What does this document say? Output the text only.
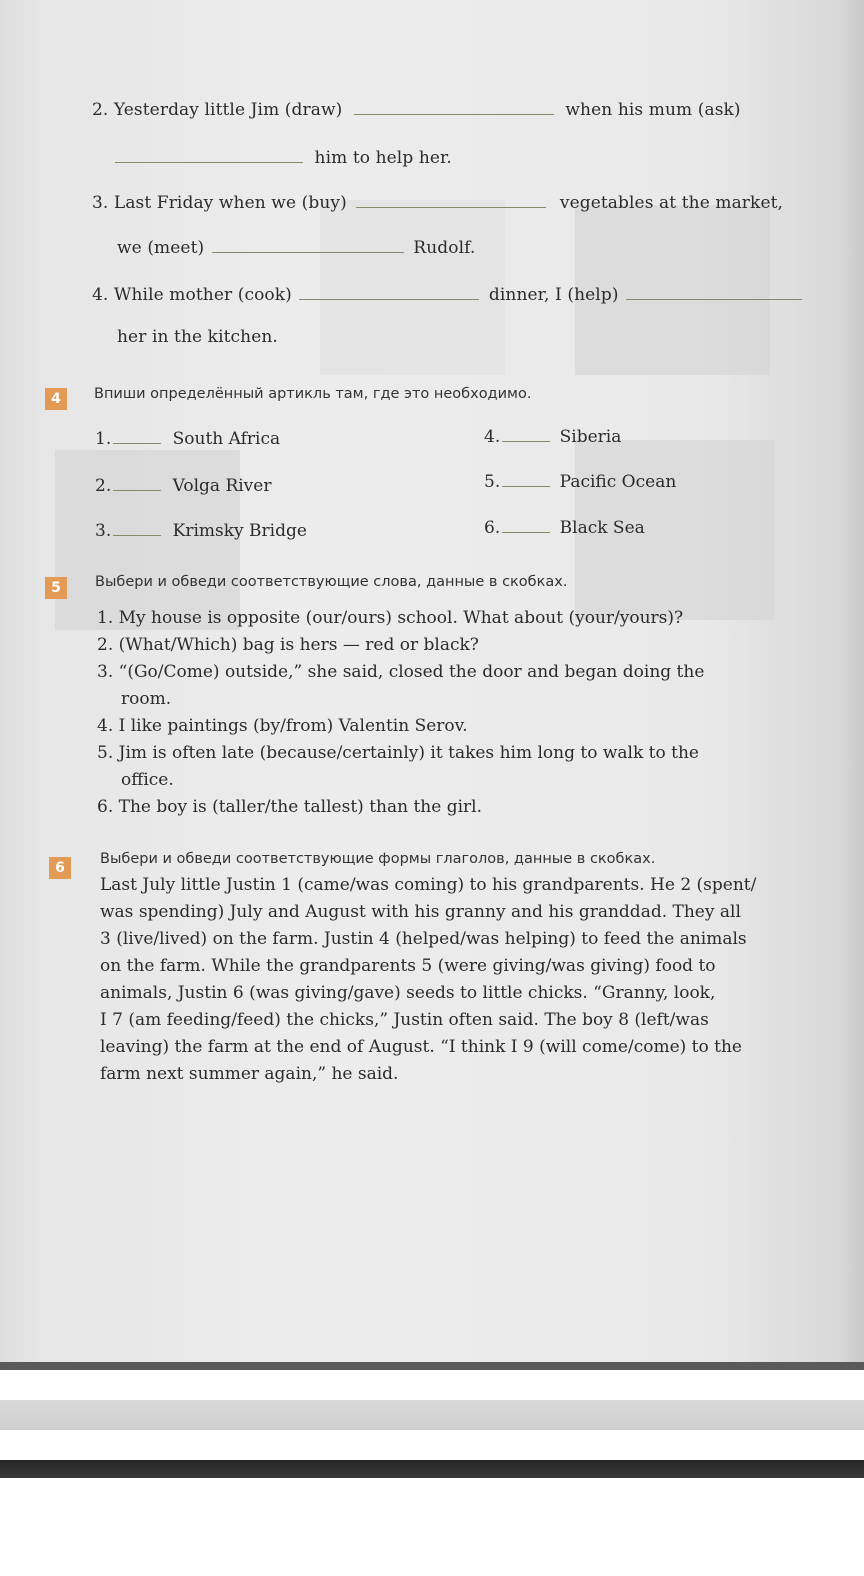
2. Yesterday little Jim (draw)	when his mum (ask)
him to help her.
3. Last Friday when we (buy)	vegetables at the market,
we (meet)	Rudolf.
4. While mother (cook)	dinner, I (help)
her in the kitchen.
4	Впиши определённый артикль там, где это необходимо.
1.	South Africa
2.	Volga River
3.	Krimsky Bridge
4.	Siberia
5.	Pacific Ocean
6.	Black Sea
5	Выбери и обведи соответствующие слова, данные в скобках.
1. My house is opposite (our/ours) school. What about (your/yours)?
2. (What/Which) bag is hers — red or black?
3. “(Go/Come) outside,” she said, closed the door and began doing the
room.
4. I like paintings (by/from) Valentin Serov.
5. Jim is often late (because/certainly) it takes him long to walk to the
office.
6. The boy is (taller/the tallest) than the girl.
6
Выбери и обведи соответствующие формы глаголов, данные в скобках.
Last July little Justin 1 (came/was coming) to his grandparents. He 2 (spent/
was spending) July and August with his granny and his granddad. They all
3 (live/lived) on the farm. Justin 4 (helped/was helping) to feed the animals
on the farm. While the grandparents 5 (were giving/was giving) food to
animals, Justin 6 (was giving/gave) seeds to little chicks. “Granny, look,
I 7 (am feeding/feed) the chicks,” Justin often said. The boy 8 (left/was
leaving) the farm at the end of August. “I think I 9 (will come/come) to the
farm next summer again,” he said.
